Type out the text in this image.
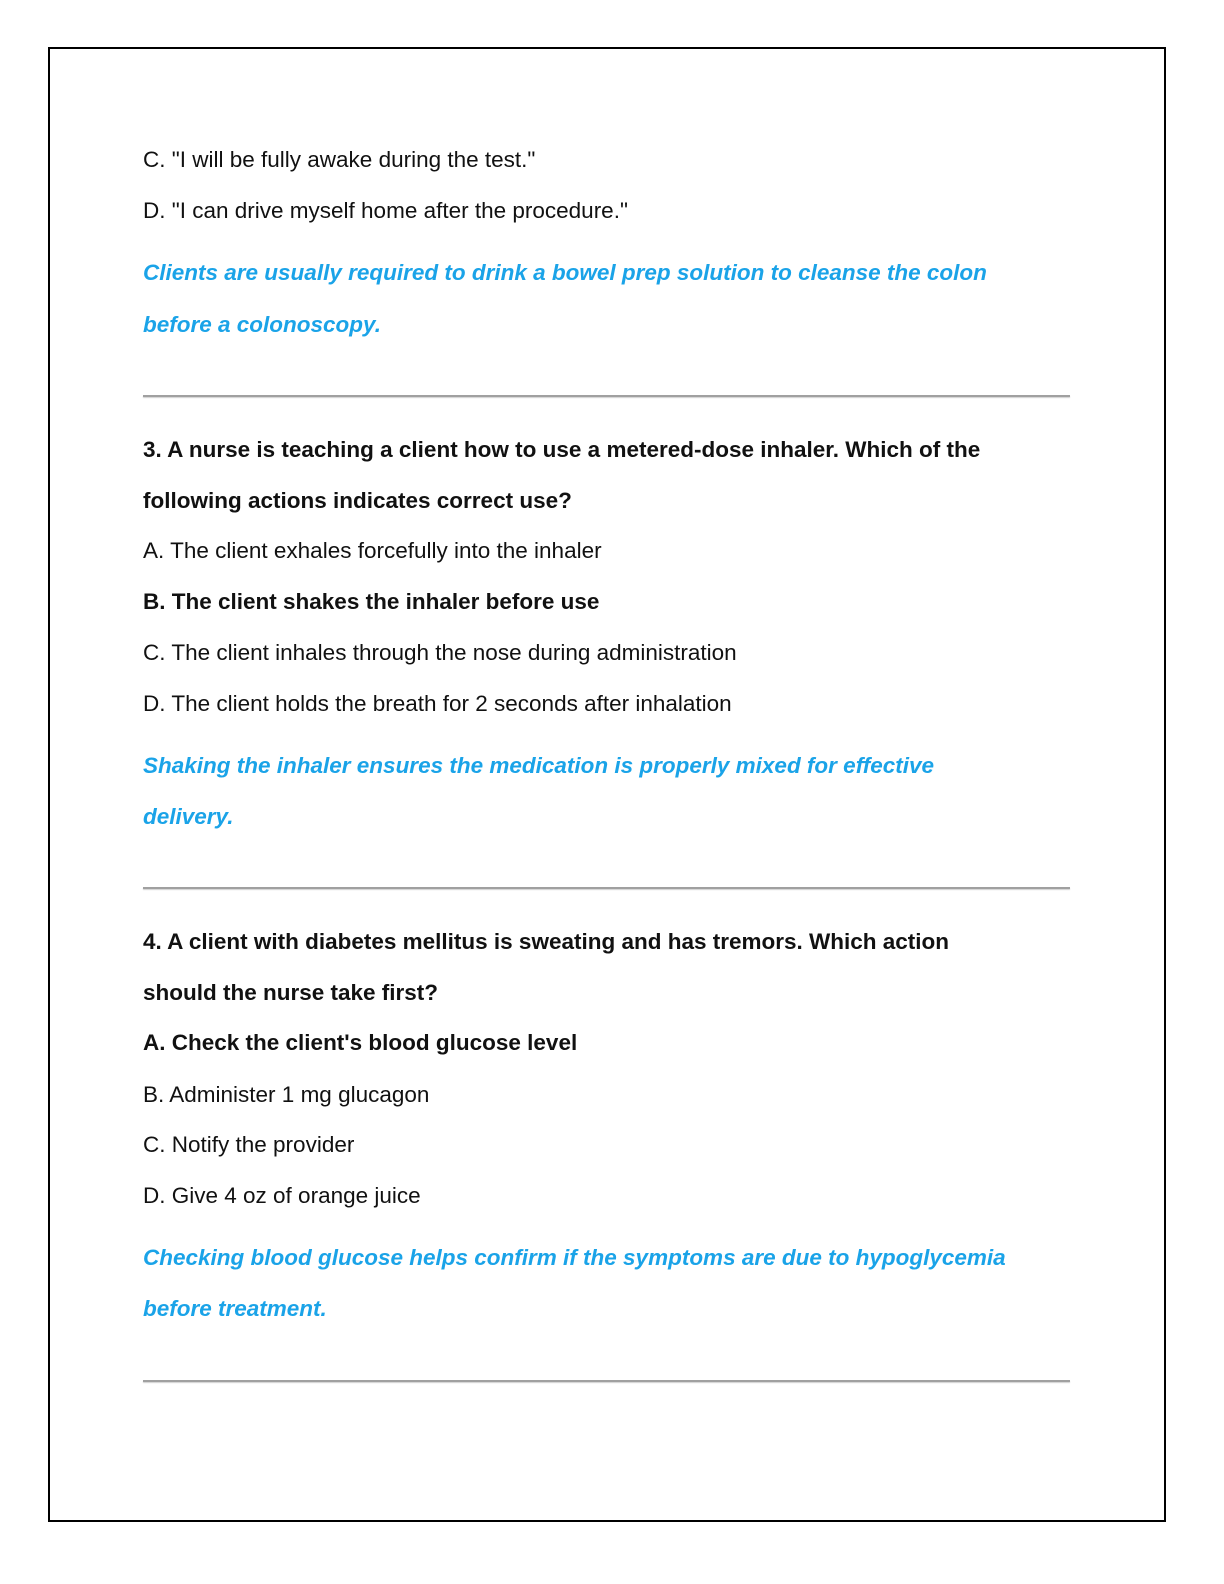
C. "I will be fully awake during the test."
D. "I can drive myself home after the procedure."
Clients are usually required to drink a bowel prep solution to cleanse the colon
before a colonoscopy.
3. A nurse is teaching a client how to use a metered-dose inhaler. Which of the
following actions indicates correct use?
A. The client exhales forcefully into the inhaler
B. The client shakes the inhaler before use
C. The client inhales through the nose during administration
D. The client holds the breath for 2 seconds after inhalation
Shaking the inhaler ensures the medication is properly mixed for effective
delivery.
4. A client with diabetes mellitus is sweating and has tremors. Which action
should the nurse take first?
A. Check the client's blood glucose level
B. Administer 1 mg glucagon
C. Notify the provider
D. Give 4 oz of orange juice
Checking blood glucose helps confirm if the symptoms are due to hypoglycemia
before treatment.
